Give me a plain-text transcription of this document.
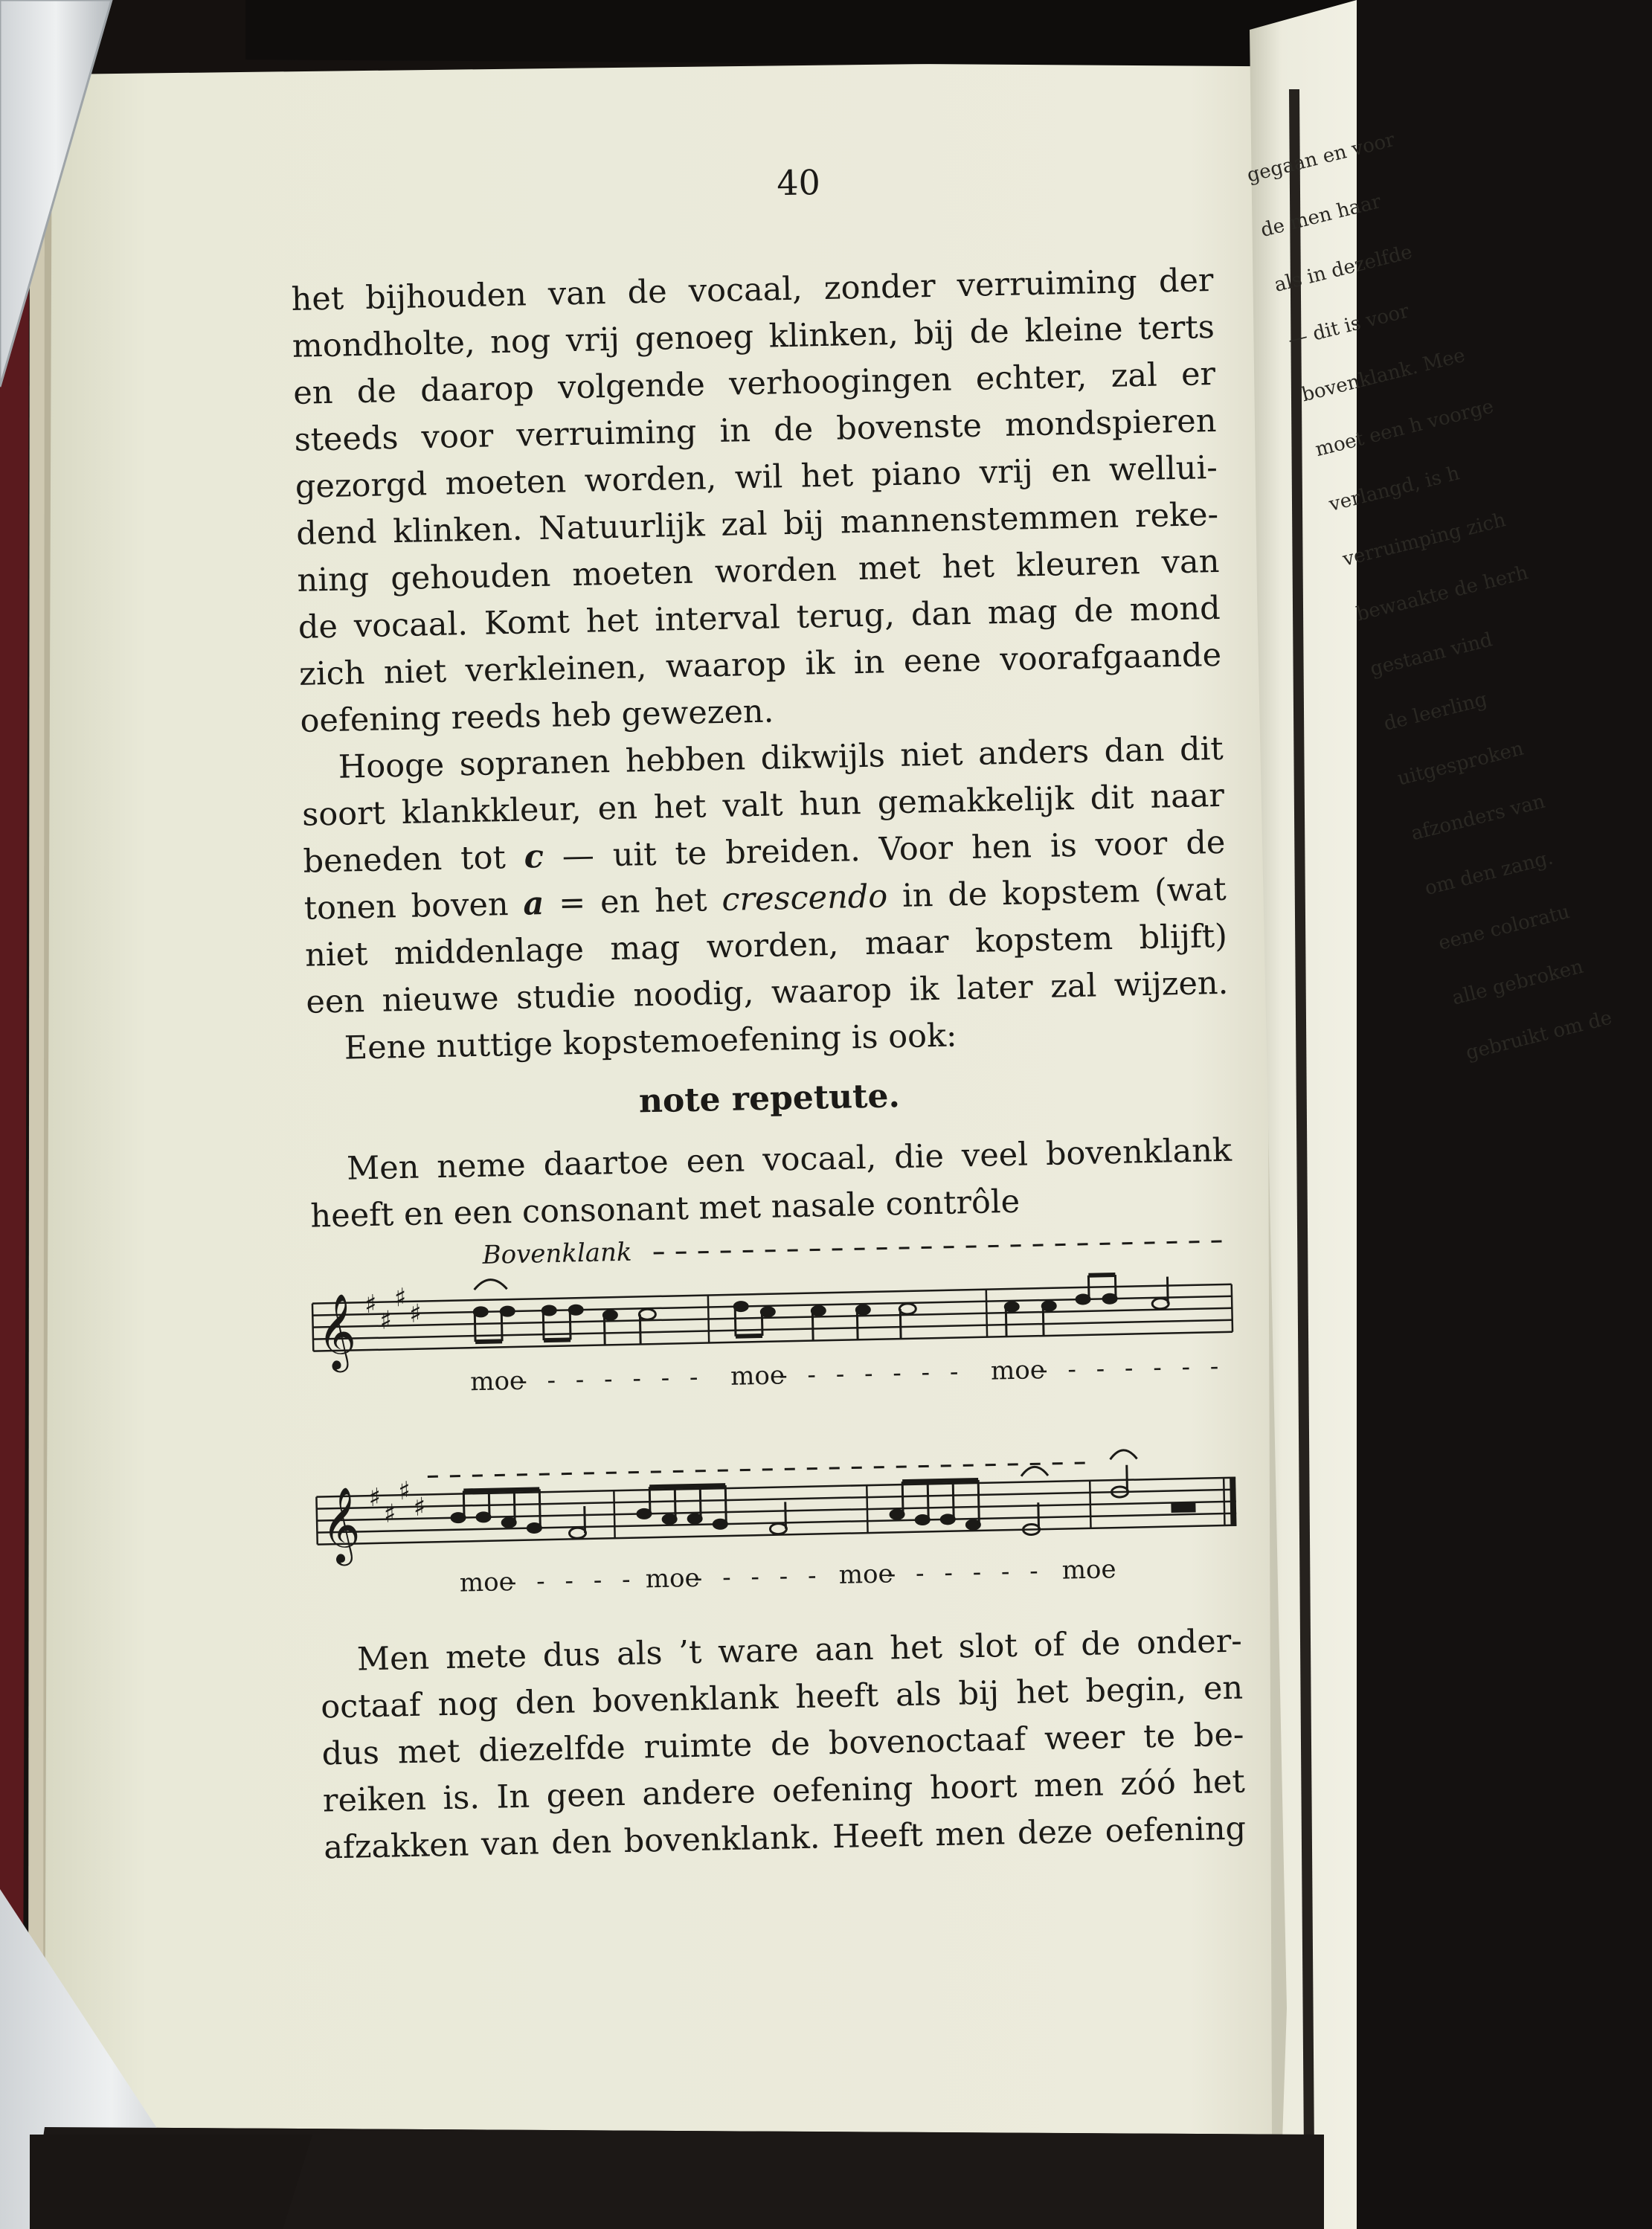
gegaan en voor
de men haar
als in dezelfde
— dit is voor
bovenklank. Mee
moet een h voorge
verlangd, is h
verruimping zich
bewaakte de herh
gestaan vind
de leerling
uitgesproken
afzonders van
om den zang.
eene coloratu
alle gebroken
gebruikt om de
40
het bijhouden van de vocaal, zonder verruiming der
mondholte, nog vrij genoeg klinken, bij de kleine terts
en de daarop volgende verhoogingen echter, zal er
steeds voor verruiming in de bovenste mondspieren
gezorgd moeten worden, wil het piano vrij en wellui-
dend klinken. Natuurlijk zal bij mannenstemmen reke-
ning gehouden moeten worden met het kleuren van
de vocaal. Komt het interval terug, dan mag de mond
zich niet verkleinen, waarop ik in eene voorafgaande
oefening reeds heb gewezen.
Hooge sopranen hebben dikwijls niet anders dan dit
soort klankkleur, en het valt hun gemakkelijk dit naar
beneden tot c — uit te breiden. Voor hen is voor de
tonen boven a = en het crescendo in de kopstem (wat
niet middenlage mag worden, maar kopstem blijft)
een nieuwe studie noodig, waarop ik later zal wijzen.
Eene nuttige kopstemoefening is ook:
note repetute.
Men neme daartoe een vocaal, die veel bovenklank
heeft en een consonant met nasale contrôle
Bovenklank
𝄞 ♯
♯
♯
♯
moe
- - - - - - - moe
- - - - - - - moe
- - - - - - -
𝄞 ♯
♯
♯
♯
moe
- - - - - moe
- - - - - moe
- - - - - - moe
Men mete dus als ’t ware aan het slot of de onder-
octaaf nog den bovenklank heeft als bij het begin, en
dus met diezelfde ruimte de bovenoctaaf weer te be-
reiken is. In geen andere oefening hoort men zóó het
afzakken van den bovenklank. Heeft men deze oefening
